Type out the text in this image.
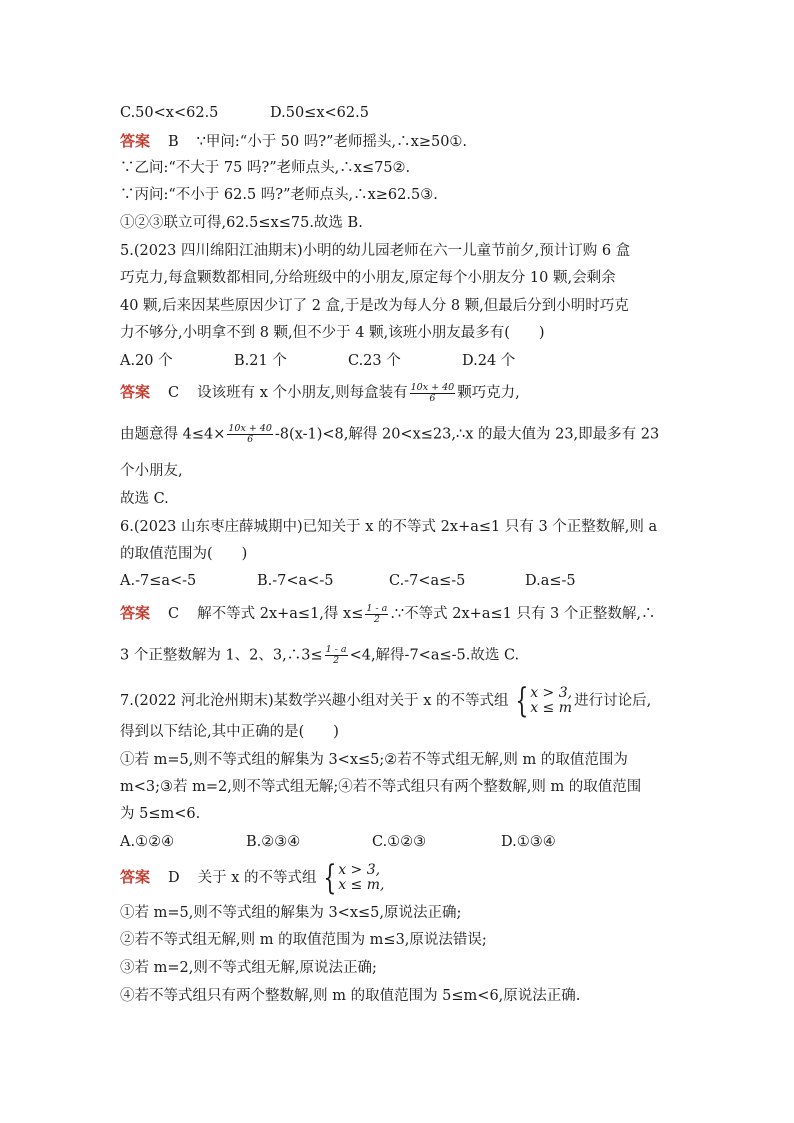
C.50<x<62.5	D.50≤x<62.5
答案 B ∵甲问:“小于 50 吗?”老师摇头,∴x≥50①.
∵乙问:“不大于 75 吗?”老师点头,∴x≤75②.
∵丙问:“不小于 62.5 吗?”老师点头,∴x≥62.5③.
①②③联立可得,62.5≤x≤75.故选 B.
5.(2023 四川绵阳江油期末)小明的幼儿园老师在六一儿童节前夕,预计订购 6 盒
巧克力,每盒颗数都相同,分给班级中的小朋友,原定每个小朋友分 10 颗,会剩余
40 颗,后来因某些原因少订了 2 盒,于是改为每人分 8 颗,但最后分到小明时巧克
力不够分,小明拿不到 8 颗,但不少于 4 颗,该班小朋友最多有(　　)
A.20 个	B.21 个	C.23 个	D.24 个
答案 C 设该班有 x 个小朋友,则每盒装有 $\frac{10x + 40}{6}$ 颗巧克力,
由题意得 $4\le 4\times \frac{10x + 40}{6} -8(x-1)<8$,解得 20<x≤23,∴x 的最大值为 23,即最多有 23
个小朋友,
故选 C.
6.(2023 山东枣庄薛城期中)已知关于 x 的不等式 2x+a≤1 只有 3 个正整数解,则 a
的取值范围为(　　)
A.-7≤a<-5	B.-7<a<-5	C.-7<a≤-5	D.a≤-5
答案 C 解不等式 2x+a≤1,得 $x\le \frac{1 - a}{2}$ .∵不等式 2x+a≤1 只有 3 个正整数解,∴
3 个正整数解为 1、2、3,∴3≤ $\frac{1 - a}{2} <4$,解得-7<a≤-5.故选 C.
7.(2022 河北沧州期末)某数学兴趣小组对关于 x 的不等式组 { x > 3,
x ≤ m 进行讨论后,
得到以下结论,其中正确的是(　　)
①若 m=5,则不等式组的解集为 3<x≤5;②若不等式组无解,则 m 的取值范围为
m<3;③若 m=2,则不等式组无解;④若不等式组只有两个整数解,则 m 的取值范围
为 5≤m<6.
A.①②④	B.②③④	C.①②③	D.①③④
答案 D 关于 x 的不等式组 { x > 3,
x ≤ m,
①若 m=5,则不等式组的解集为 3<x≤5,原说法正确;
②若不等式组无解,则 m 的取值范围为 m≤3,原说法错误;
③若 m=2,则不等式组无解,原说法正确;
④若不等式组只有两个整数解,则 m 的取值范围为 5≤m<6,原说法正确.
